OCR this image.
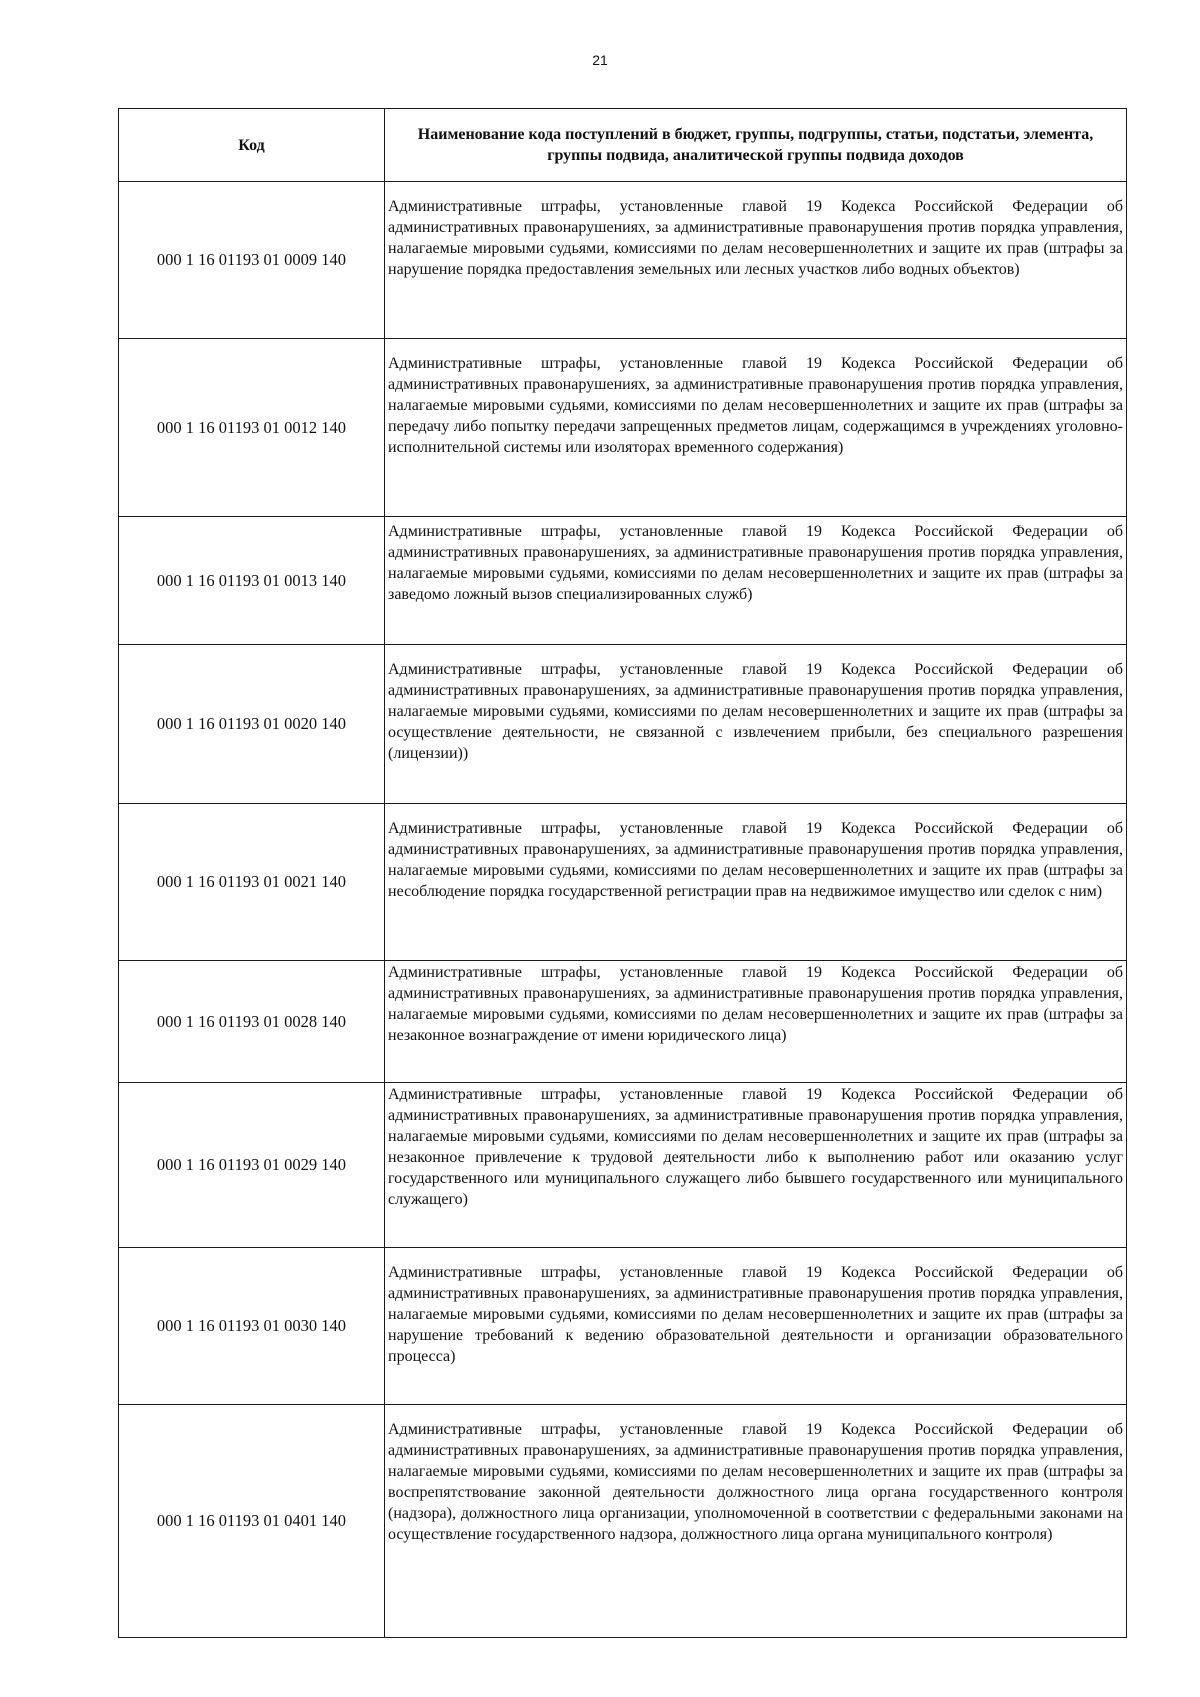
21
Код	Наименование кода поступлений в бюджет, группы, подгруппы, статьи, подстатьи, элемента, группы подвида, аналитической группы подвида доходов
000 1 16 01193 01 0009 140	Административные штрафы, установленные главой 19 Кодекса Российской Федерации об административных правонарушениях, за административные правонарушения против порядка управления, налагаемые мировыми судьями, комиссиями по делам несовершеннолетних и защите их прав (штрафы за нарушение порядка предоставления земельных или лесных участков либо водных объектов)
000 1 16 01193 01 0012 140	Административные штрафы, установленные главой 19 Кодекса Российской Федерации об административных правонарушениях, за административные правонарушения против порядка управления, налагаемые мировыми судьями, комиссиями по делам несовершеннолетних и защите их прав (штрафы за передачу либо попытку передачи запрещенных предметов лицам, содержащимся в учреждениях уголовно-исполнительной системы или изоляторах временного содержания)
000 1 16 01193 01 0013 140	Административные штрафы, установленные главой 19 Кодекса Российской Федерации об административных правонарушениях, за административные правонарушения против порядка управления, налагаемые мировыми судьями, комиссиями по делам несовершеннолетних и защите их прав (штрафы за заведомо ложный вызов специализированных служб)
000 1 16 01193 01 0020 140	Административные штрафы, установленные главой 19 Кодекса Российской Федерации об административных правонарушениях, за административные правонарушения против порядка управления, налагаемые мировыми судьями, комиссиями по делам несовершеннолетних и защите их прав (штрафы за осуществление деятельности, не связанной с извлечением прибыли, без специального разрешения (лицензии))
000 1 16 01193 01 0021 140	Административные штрафы, установленные главой 19 Кодекса Российской Федерации об административных правонарушениях, за административные правонарушения против порядка управления, налагаемые мировыми судьями, комиссиями по делам несовершеннолетних и защите их прав (штрафы за несоблюдение порядка государственной регистрации прав на недвижимое имущество или сделок с ним)
000 1 16 01193 01 0028 140	Административные штрафы, установленные главой 19 Кодекса Российской Федерации об административных правонарушениях, за административные правонарушения против порядка управления, налагаемые мировыми судьями, комиссиями по делам несовершеннолетних и защите их прав (штрафы за незаконное вознаграждение от имени юридического лица)
000 1 16 01193 01 0029 140	Административные штрафы, установленные главой 19 Кодекса Российской Федерации об административных правонарушениях, за административные правонарушения против порядка управления, налагаемые мировыми судьями, комиссиями по делам несовершеннолетних и защите их прав (штрафы за незаконное привлечение к трудовой деятельности либо к выполнению работ или оказанию услуг государственного или муниципального служащего либо бывшего государственного или муниципального служащего)
000 1 16 01193 01 0030 140	Административные штрафы, установленные главой 19 Кодекса Российской Федерации об административных правонарушениях, за административные правонарушения против порядка управления, налагаемые мировыми судьями, комиссиями по делам несовершеннолетних и защите их прав (штрафы за нарушение требований к ведению образовательной деятельности и организации образовательного процесса)
000 1 16 01193 01 0401 140	Административные штрафы, установленные главой 19 Кодекса Российской Федерации об административных правонарушениях, за административные правонарушения против порядка управления, налагаемые мировыми судьями, комиссиями по делам несовершеннолетних и защите их прав (штрафы за воспрепятствование законной деятельности должностного лица органа государственного контроля (надзора), должностного лица организации, уполномоченной в соответствии с федеральными законами на осуществление государственного надзора, должностного лица органа муниципального контроля)
